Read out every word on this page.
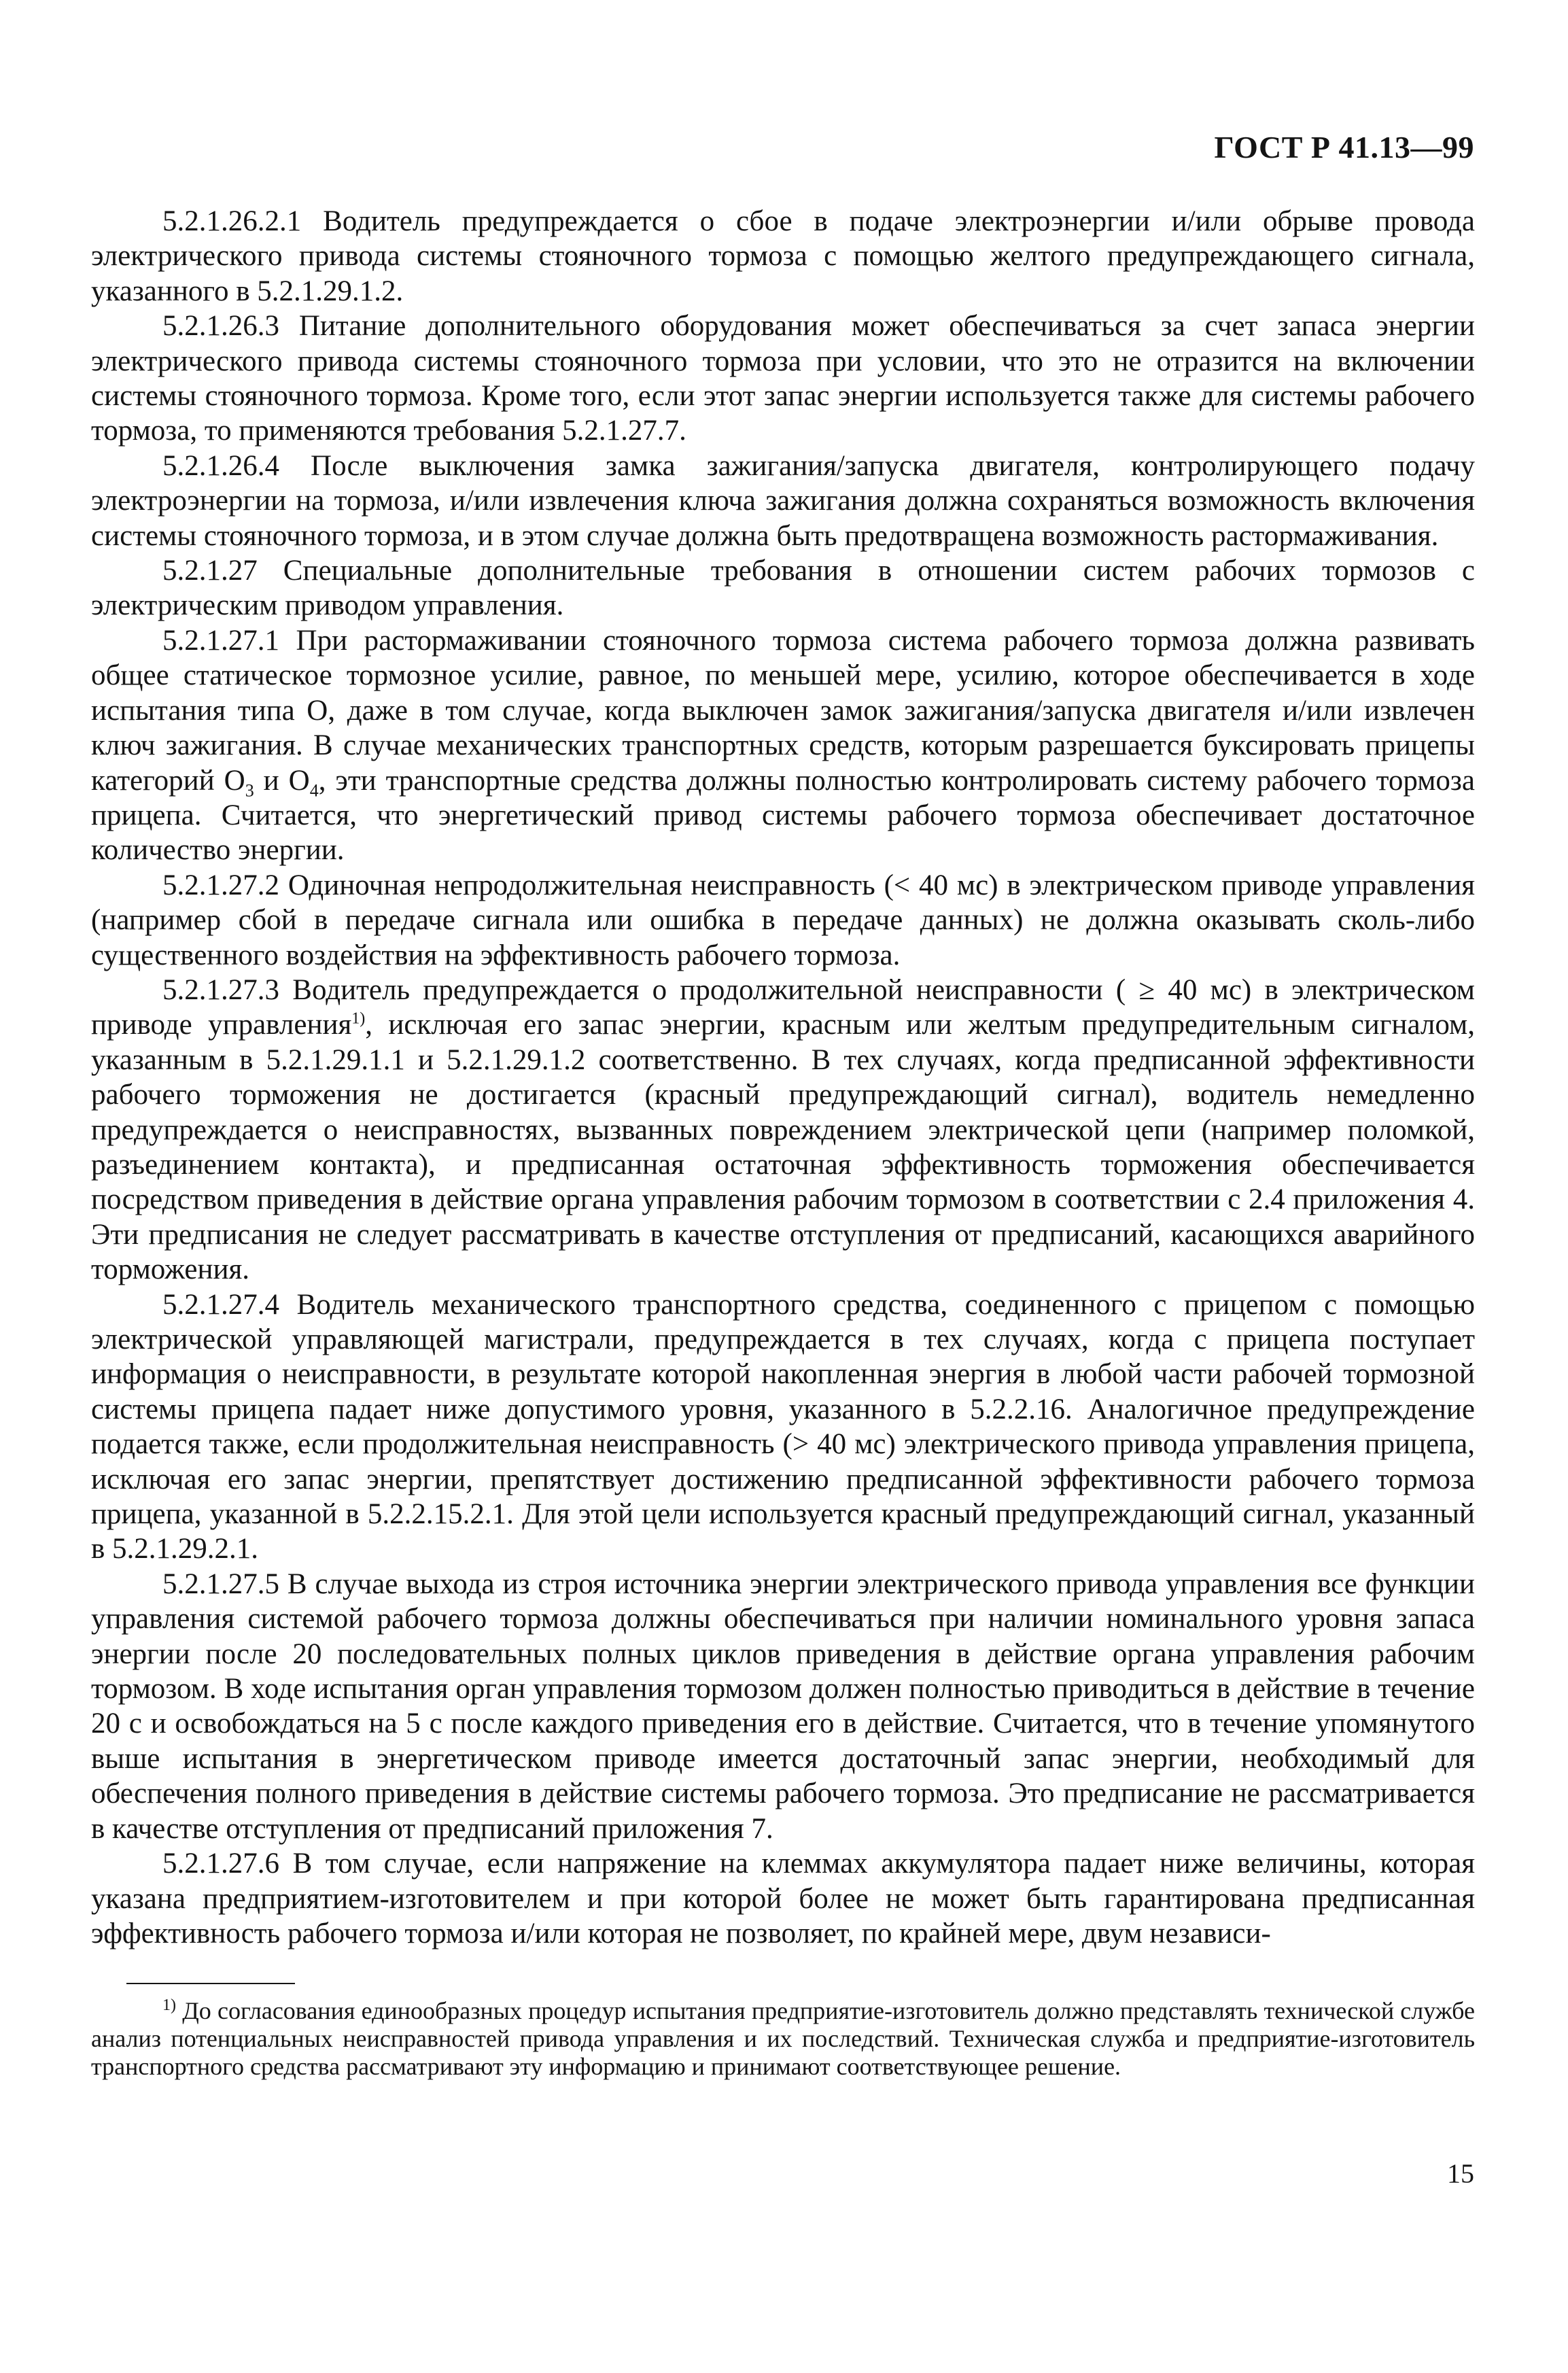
ГОСТ Р 41.13—99

5.2.1.26.2.1 Водитель предупреждается о сбое в подаче электроэнергии и/или обрыве провода электрического привода системы стояночного тормоза с помощью желтого предупреждающего сигнала, указанного в 5.2.1.29.1.2.

5.2.1.26.3 Питание дополнительного оборудования может обеспечиваться за счет запаса энергии электрического привода системы стояночного тормоза при условии, что это не отразится на включении системы стояночного тормоза. Кроме того, если этот запас энергии используется также для системы рабочего тормоза, то применяются требования 5.2.1.27.7.

5.2.1.26.4 После выключения замка зажигания/запуска двигателя, контролирующего подачу электроэнергии на тормоза, и/или извлечения ключа зажигания должна сохраняться возможность включения системы стояночного тормоза, и в этом случае должна быть предотвращена возможность растормаживания.

5.2.1.27 Специальные дополнительные требования в отношении систем рабочих тормозов с электрическим приводом управления.

5.2.1.27.1 При растормаживании стояночного тормоза система рабочего тормоза должна развивать общее статическое тормозное усилие, равное, по меньшей мере, усилию, которое обеспечивается в ходе испытания типа О, даже в том случае, когда выключен замок зажигания/запуска двигателя и/или извлечен ключ зажигания. В случае механических транспортных средств, которым разрешается буксировать прицепы категорий $О_3$ и $О_4$, эти транспортные средства должны полностью контролировать систему рабочего тормоза прицепа. Считается, что энергетический привод системы рабочего тормоза обеспечивает достаточное количество энергии.

5.2.1.27.2 Одиночная непродолжительная неисправность (< 40 мс) в электрическом приводе управления (например сбой в передаче сигнала или ошибка в передаче данных) не должна оказывать сколь-либо существенного воздействия на эффективность рабочего тормоза.

5.2.1.27.3 Водитель предупреждается о продолжительной неисправности ( ≥ 40 мс) в электрическом приводе управления$^{1)}$, исключая его запас энергии, красным или желтым предупредительным сигналом, указанным в 5.2.1.29.1.1 и 5.2.1.29.1.2 соответственно. В тех случаях, когда предписанной эффективности рабочего торможения не достигается (красный предупреждающий сигнал), водитель немедленно предупреждается о неисправностях, вызванных повреждением электрической цепи (например поломкой, разъединением контакта), и предписанная остаточная эффективность торможения обеспечивается посредством приведения в действие органа управления рабочим тормозом в соответствии с 2.4 приложения 4. Эти предписания не следует рассматривать в качестве отступления от предписаний, касающихся аварийного торможения.

5.2.1.27.4 Водитель механического транспортного средства, соединенного с прицепом с помощью электрической управляющей магистрали, предупреждается в тех случаях, когда с прицепа поступает информация о неисправности, в результате которой накопленная энергия в любой части рабочей тормозной системы прицепа падает ниже допустимого уровня, указанного в 5.2.2.16. Аналогичное предупреждение подается также, если продолжительная неисправность (> 40 мс) электрического привода управления прицепа, исключая его запас энергии, препятствует достижению предписанной эффективности рабочего тормоза прицепа, указанной в 5.2.2.15.2.1. Для этой цели используется красный предупреждающий сигнал, указанный в 5.2.1.29.2.1.

5.2.1.27.5 В случае выхода из строя источника энергии электрического привода управления все функции управления системой рабочего тормоза должны обеспечиваться при наличии номинального уровня запаса энергии после 20 последовательных полных циклов приведения в действие органа управления рабочим тормозом. В ходе испытания орган управления тормозом должен полностью приводиться в действие в течение 20 с и освобождаться на 5 с после каждого приведения его в действие. Считается, что в течение упомянутого выше испытания в энергетическом приводе имеется достаточный запас энергии, необходимый для обеспечения полного приведения в действие системы рабочего тормоза. Это предписание не рассматривается в качестве отступления от предписаний приложения 7.

5.2.1.27.6 В том случае, если напряжение на клеммах аккумулятора падает ниже величины, которая указана предприятием-изготовителем и при которой более не может быть гарантирована предписанная эффективность рабочего тормоза и/или которая не позволяет, по крайней мере, двум независи-

$^{1)}$ До согласования единообразных процедур испытания предприятие-изготовитель должно представлять технической службе анализ потенциальных неисправностей привода управления и их последствий. Техническая служба и предприятие-изготовитель транспортного средства рассматривают эту информацию и принимают соответствующее решение.

15
